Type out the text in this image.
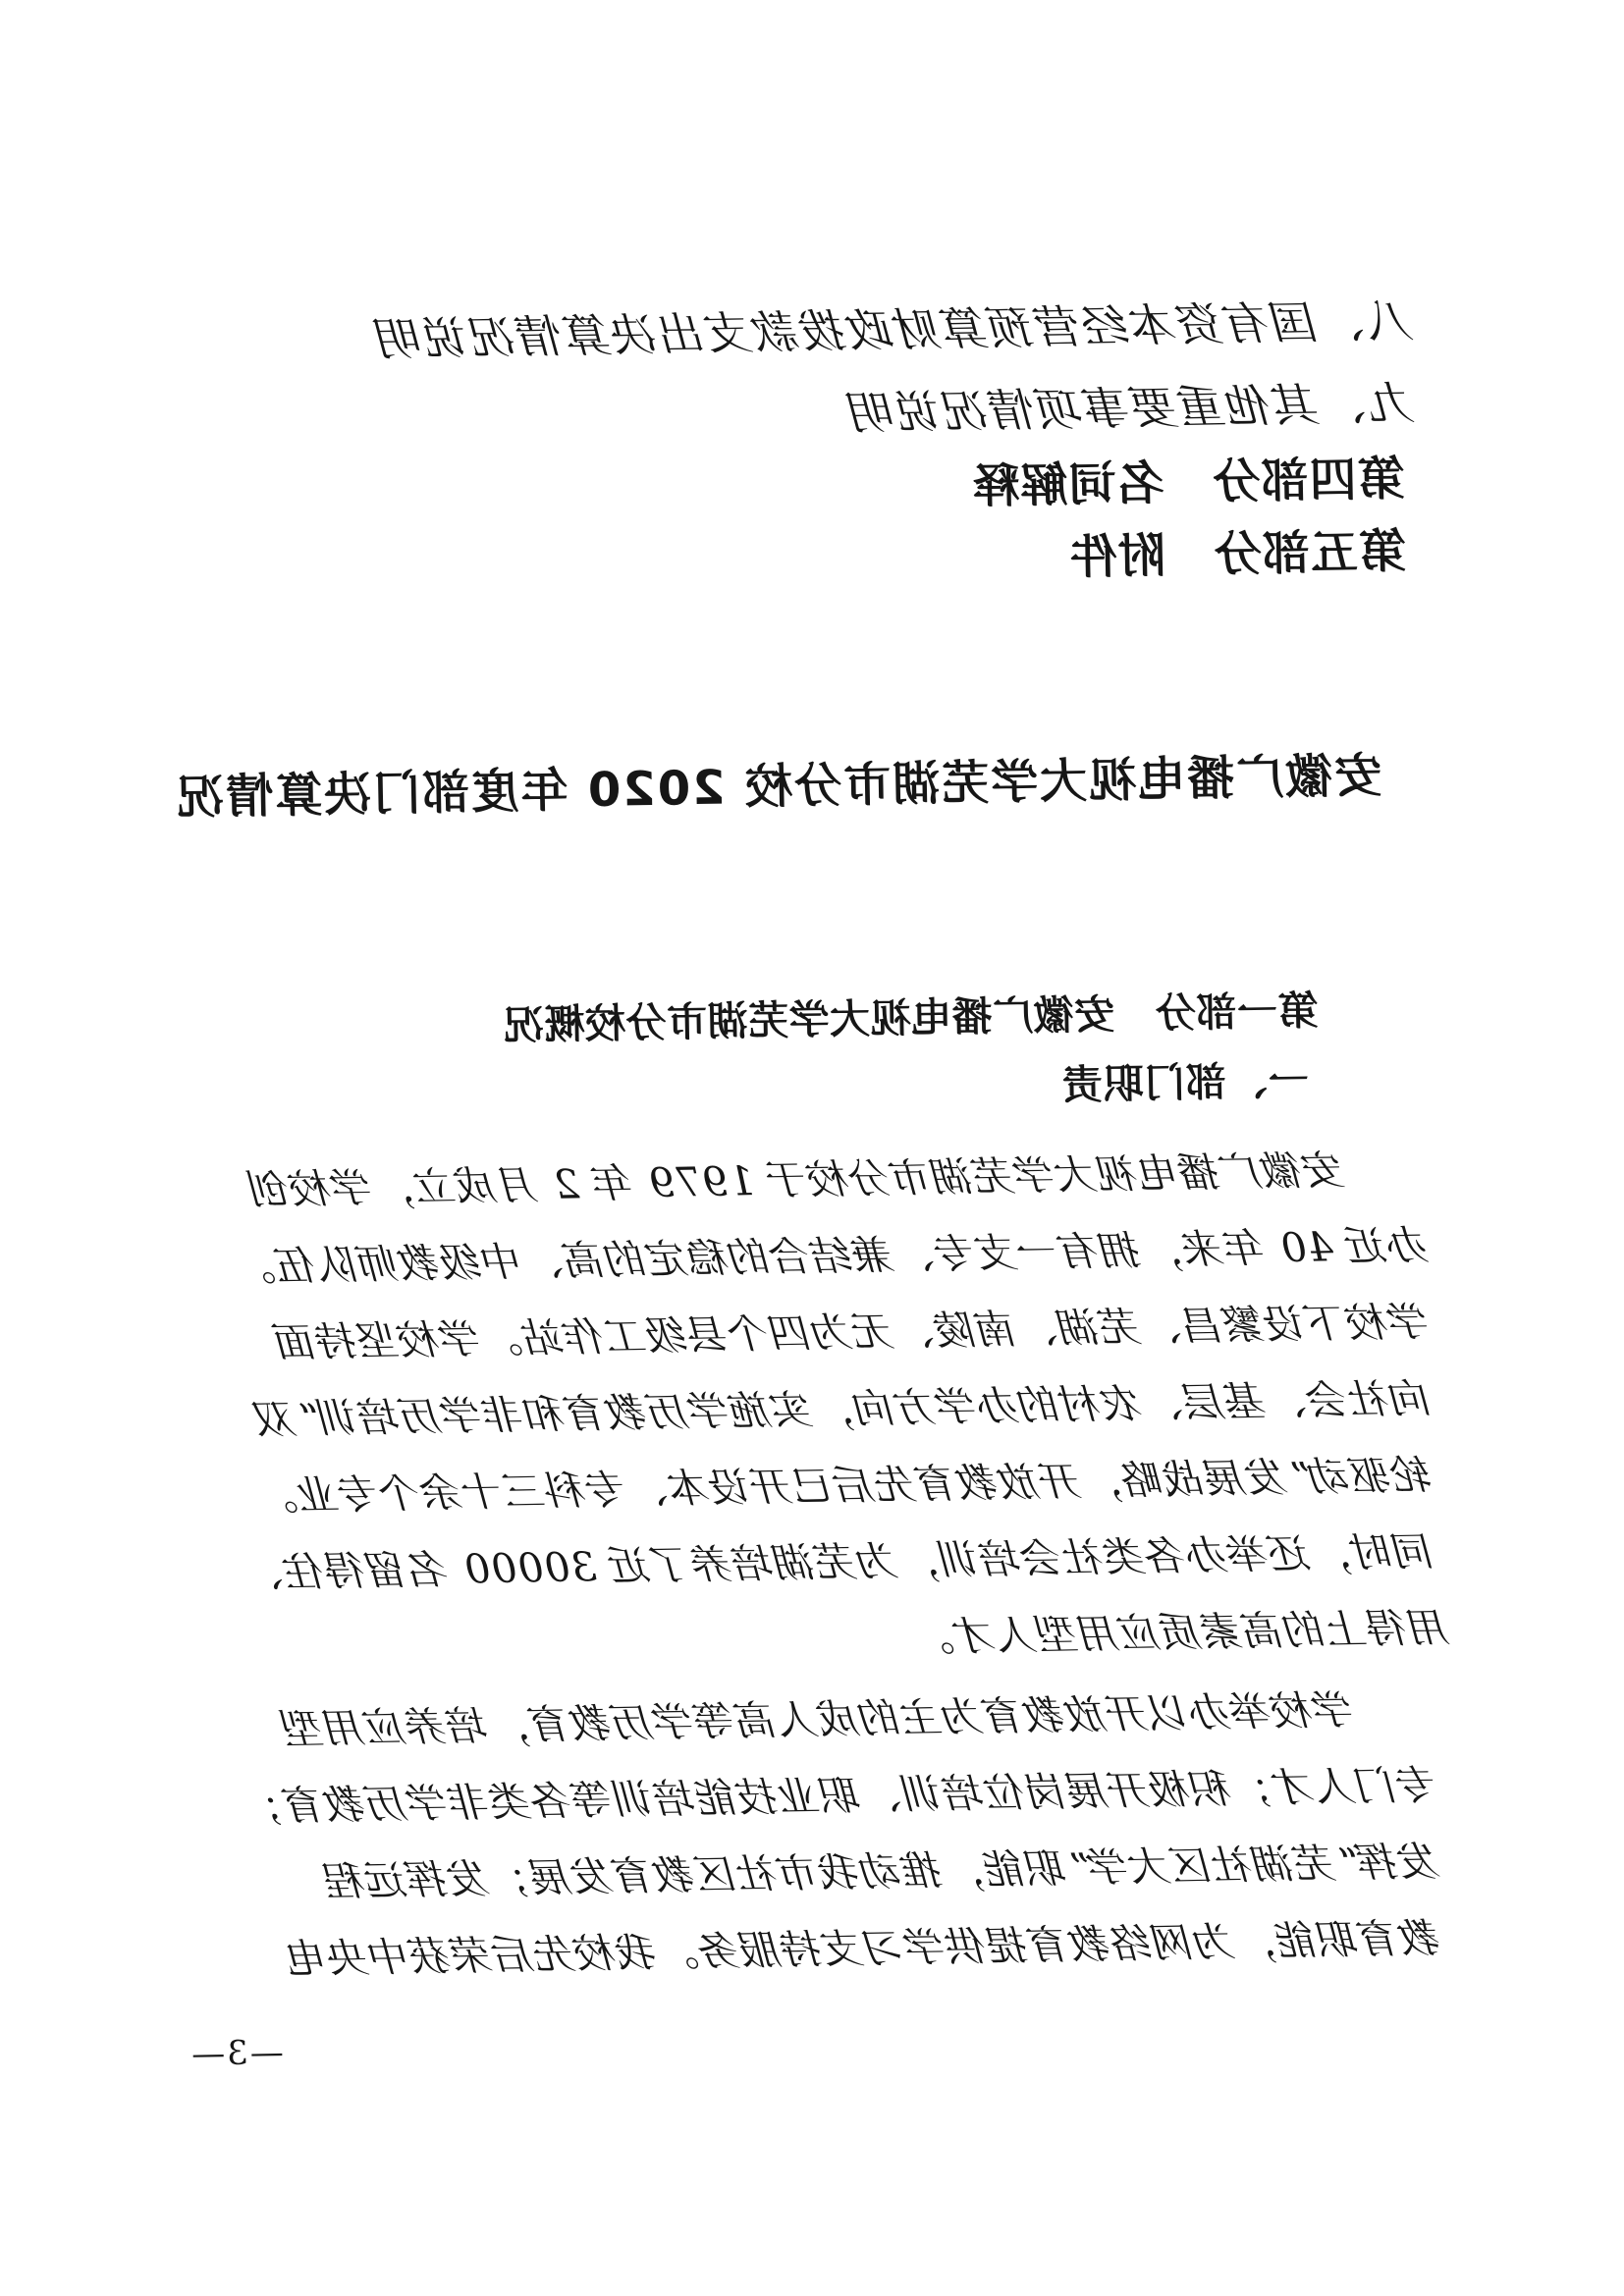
八、国有资本经营预算财政拨款支出决算情况说明
九、其他重要事项情况说明
第四部分　名词解释
第五部分　附件
安徽广播电视大学芜湖市分校 2020 年度部门决算情况
第一部分　安徽广播电视大学芜湖市分校概况
一、部门职责
安徽广播电视大学芜湖市分校于 1979 年 2 月成立，学校创
办近 40 年来，拥有一支专、兼结合的稳定的高、中级教师队伍。
学校下设繁昌、芜湖、南陵、无为四个县级工作站。学校坚持面
向社会、基层、农村的办学方向，实施学历教育和非学历培训“双
轮驱动”发展战略，开放教育先后已开设本、专科三十余个专业。
同时，还举办各类社会培训，为芜湖培养了近 30000 名留得住、
用得上的高素质应用型人才。
学校举办以开放教育为主的成人高等学历教育，培养应用型
专门人才；积极开展岗位培训、职业技能培训等各类非学历教育；
发挥“芜湖社区大学”职能，推动我市社区教育发展；发挥远程
教育职能，为网络教育提供学习支持服务。我校先后荣获中央电
—3—
